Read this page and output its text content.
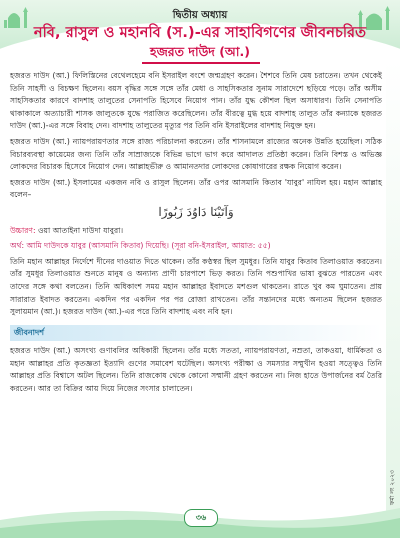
দ্বিতীয় অধ্যায়
নবি, রাসুল ও মহানবি (স.)-এর সাহাবিগণের জীবনচরিত
হজরত দাউদ (আ.)
ফর্মা নং ২০২৩

হজরত দাউদ (আ.) ফিলিস্তিনের বেথেলহেমে বনি ইসরাইল বংশে জন্মগ্রহণ করেন। শৈশবে তিনি মেষ চরাতেন। তখন থেকেই তিনি সাহসী ও বিচক্ষণ ছিলেন। বয়স বৃদ্ধির সঙ্গে সঙ্গে তাঁর মেধা ও সাহসিকতার সুনাম সারাদেশে ছড়িয়ে পড়ে। তাঁর অসীম সাহসিকতার কারণে বাদশাহ তালুতের সেনাপতি হিসেবে নিয়োগ পান। তাঁর যুদ্ধ কৌশল ছিল অসাধারণ। তিনি সেনাপতি থাকাকালে অত্যাচারী শাসক জালুতকে যুদ্ধে পরাজিত করেছিলেন। তাঁর বীরত্বে মুগ্ধ হয়ে বাদশাহ তালুত তাঁর কন্যাকে হজরত দাউদ (আ.)-এর সঙ্গে বিবাহ দেন। বাদশাহ তালুতের মৃত্যুর পর তিনি বনি ইসরাইলের বাদশাহ নিযুক্ত হন।

হজরত দাউদ (আ.) ন্যায়পরায়ণতার সঙ্গে রাজ্য পরিচালনা করতেন। তাঁর শাসনামলে রাজ্যের অনেক উন্নতি হয়েছিল। সঠিক বিচারব্যবস্থা কায়েমের জন্য তিনি তাঁর সাম্রাজ্যকে বিভিন্ন ভাগে ভাগ করে আদালত প্রতিষ্ঠা করেন। তিনি বিশস্ত ও অভিজ্ঞ লোকদের বিচারক হিসেবে নিয়োগ দেন। আল্লাহভীরু ও আমানতদার লোকদের কোষাগারের রক্ষক নিয়োগ করেন।

হজরত দাউদ (আ.) ইসলামের একজন নবি ও রাসুল ছিলেন। তাঁর ওপর আসমানি কিতাব 'যাবুর' নাযিল হয়। মহান আল্লাহ বলেন–

وَآتَيْنَا دَاوُدَ زَبُورًا

উচ্চারণ: ওয়া আতাইনা দাউদা যাবুরা।

অর্থ: আমি দাউদকে যাবুর (আসমানি কিতাব) দিয়েছি। (সূরা বনি-ইসরাইল, আয়াত: ৫৫)

তিনি মহান আল্লাহর নির্দেশে দীনের দাওয়াত দিতে থাকেন। তাঁর কণ্ঠস্বর ছিল সুমধুর। তিনি যাবুর কিতাব তিলাওয়াত করতেন। তাঁর সুমধুর তিলাওয়াত শুনতে মানুষ ও অন্যান্য প্রাণী চারপাশে ভিড় করত। তিনি পশুপাখির ভাষা বুঝতে পারতেন এবং তাদের সঙ্গে কথা বলতেন। তিনি অধিকাংশ সময় মহান আল্লাহর ইবাদতে মশগুল থাকতেন। রাতে খুব কম ঘুমাতেন। প্রায় সারারাত ইবাদত করতেন। একদিন পর একদিন পর পর রোজা রাখতেন। তাঁর সন্তানদের মধ্যে অন্যতম ছিলেন হজরত সুলায়মান (আ.)। হজরত দাউদ (আ.)-এর পরে তিনি বাদশাহ এবং নবি হন।

জীবনাদর্শ

হজরত দাউদ (আ.) অসংখ্য গুণাবলির অধিকারী ছিলেন। তাঁর মধ্যে সততা, ন্যায়পরায়ণতা, নম্রতা, তাকওয়া, ধার্মিকতা ও মহান আল্লাহর প্রতি কৃতজ্ঞতা ইত্যাদি গুণের সমাবেশ ঘটেছিল। অসংখ্য পরীক্ষা ও সমস্যার সম্মুখীন হওয়া সত্ত্বেও তিনি আল্লাহর প্রতি বিশ্বাসে অটল ছিলেন। তিনি রাজকোষ থেকে কোনো সম্মানী গ্রহণ করতেন না। নিজ হাতে উপার্জনের বর্ম তৈরি করতেন। আর তা বিক্রির আয় দিয়ে নিজের সংসার চালাতেন।

৩৬
